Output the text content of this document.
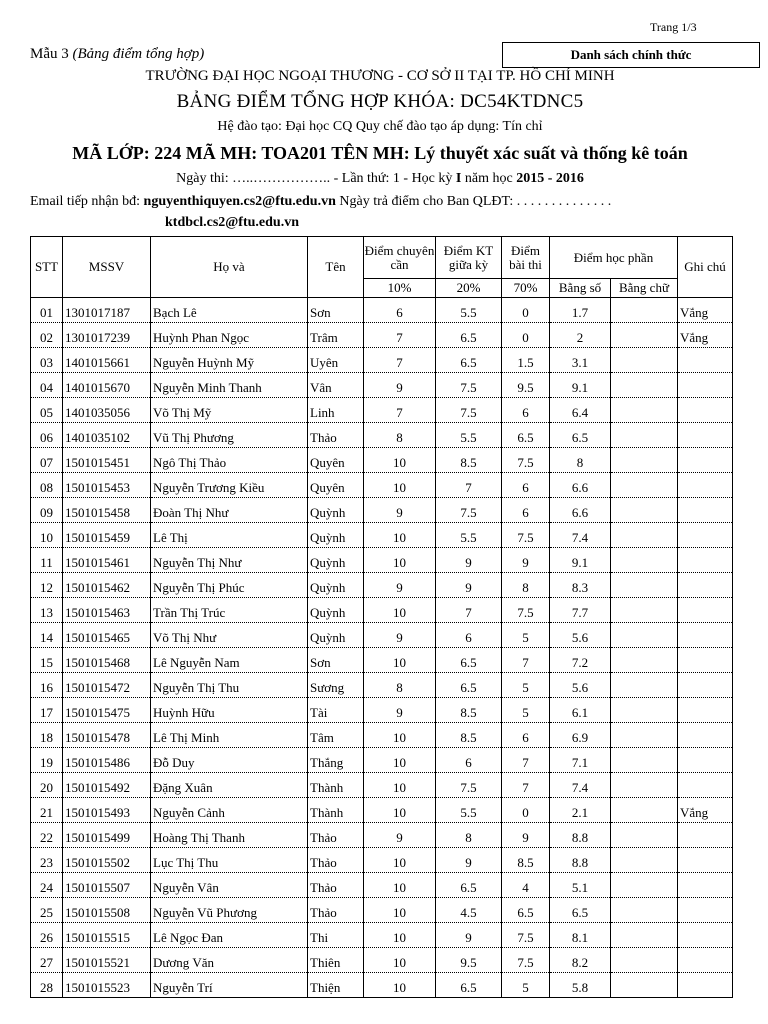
Trang 1/3
Mẫu 3 (Bảng điểm tổng hợp)	Danh sách chính thức
TRƯỜNG ĐẠI HỌC NGOẠI THƯƠNG - CƠ SỞ II TẠI TP. HỒ CHÍ MINH
BẢNG ĐIỂM TỔNG HỢP KHÓA: DC54KTDNC5
Hệ đào tạo: Đại học CQ Quy chế đào tạo áp dụng: Tín chỉ
MÃ LỚP: 224 MÃ MH: TOA201 TÊN MH: Lý thuyết xác suất và thống kê toán
Ngày thi: …..…………….. - Lần thứ: 1 - Học kỳ I năm học 2015 - 2016
Email tiếp nhận bđ: nguyenthiquyen.cs2@ftu.edu.vn Ngày trả điểm cho Ban QLĐT: . . . . . . . . . . . . . .
ktdbcl.cs2@ftu.edu.vn
STT	MSSV	Họ và	Tên	Điểm chuyên cần	Điểm KT giữa kỳ	Điểm bài thi	Điểm học phần		Ghi chú
				10%	20%	70%	Bằng số	Bằng chữ	
01	1301017187	Bạch Lê	Sơn	6	5.5	0	1.7		Vắng
02	1301017239	Huỳnh Phan Ngọc	Trâm	7	6.5	0	2		Vắng
03	1401015661	Nguyễn Huỳnh Mỹ	Uyên	7	6.5	1.5	3.1		
04	1401015670	Nguyễn Minh Thanh	Vân	9	7.5	9.5	9.1		
05	1401035056	Võ Thị Mỹ	Linh	7	7.5	6	6.4		
06	1401035102	Vũ Thị Phương	Thảo	8	5.5	6.5	6.5		
07	1501015451	Ngô Thị Thảo	Quyên	10	8.5	7.5	8		
08	1501015453	Nguyễn Trương Kiều	Quyên	10	7	6	6.6		
09	1501015458	Đoàn Thị Như	Quỳnh	9	7.5	6	6.6		
10	1501015459	Lê Thị	Quỳnh	10	5.5	7.5	7.4		
11	1501015461	Nguyễn Thị Như	Quỳnh	10	9	9	9.1		
12	1501015462	Nguyễn Thị Phúc	Quỳnh	9	9	8	8.3		
13	1501015463	Trần Thị Trúc	Quỳnh	10	7	7.5	7.7		
14	1501015465	Võ Thị Như	Quỳnh	9	6	5	5.6		
15	1501015468	Lê Nguyễn Nam	Sơn	10	6.5	7	7.2		
16	1501015472	Nguyễn Thị Thu	Sương	8	6.5	5	5.6		
17	1501015475	Huỳnh Hữu	Tài	9	8.5	5	6.1		
18	1501015478	Lê Thị Minh	Tâm	10	8.5	6	6.9		
19	1501015486	Đỗ Duy	Thắng	10	6	7	7.1		
20	1501015492	Đặng Xuân	Thành	10	7.5	7	7.4		
21	1501015493	Nguyễn Cảnh	Thành	10	5.5	0	2.1		Vắng
22	1501015499	Hoàng Thị Thanh	Thảo	9	8	9	8.8		
23	1501015502	Lục Thị Thu	Thảo	10	9	8.5	8.8		
24	1501015507	Nguyễn Vân	Thảo	10	6.5	4	5.1		
25	1501015508	Nguyễn Vũ Phương	Thảo	10	4.5	6.5	6.5		
26	1501015515	Lê Ngọc Đan	Thi	10	9	7.5	8.1		
27	1501015521	Dương Văn	Thiên	10	9.5	7.5	8.2		
28	1501015523	Nguyễn Trí	Thiện	10	6.5	5	5.8		
